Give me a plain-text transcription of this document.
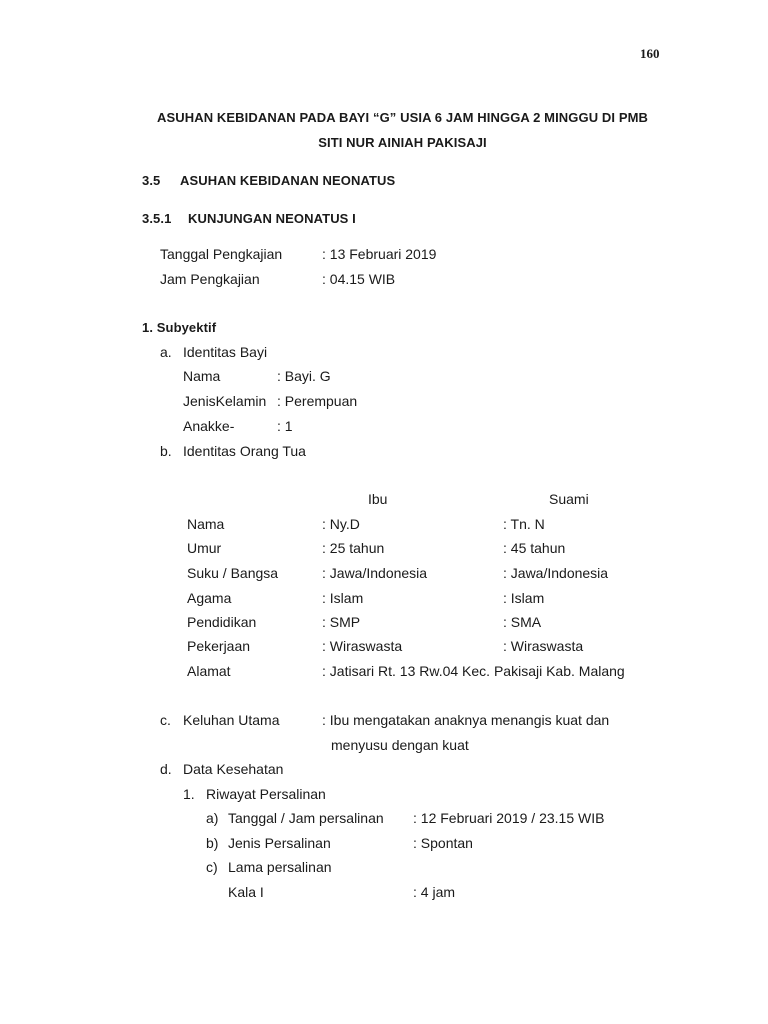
160
ASUHAN KEBIDANAN PADA BAYI “G” USIA 6 JAM HINGGA 2 MINGGU DI PMB
SITI NUR AINIAH PAKISAJI
3.5 ASUHAN KEBIDANAN NEONATUS
3.5.1 KUNJUNGAN NEONATUS I
Tanggal Pengkajian	: 13 Februari 2019
Jam Pengkajian	: 04.15 WIB
1. Subyektif
a. Identitas Bayi
Nama	: Bayi. G
JenisKelamin : Perempuan
Anakke-	: 1
b. Identitas Orang Tua
Ibu	Suami
Nama	: Ny.D	: Tn. N
Umur	: 25 tahun	: 45 tahun
Suku / Bangsa	: Jawa/Indonesia	: Jawa/Indonesia
Agama	: Islam	: Islam
Pendidikan	: SMP	: SMA
Pekerjaan	: Wiraswasta	: Wiraswasta
Alamat	: Jatisari Rt. 13 Rw.04 Kec. Pakisaji Kab. Malang
c. Keluhan Utama	: Ibu mengatakan anaknya menangis kuat dan
menyusu dengan kuat
d. Data Kesehatan
1. Riwayat Persalinan
a) Tanggal / Jam persalinan : 12 Februari 2019 / 23.15 WIB
b) Jenis Persalinan	: Spontan
c) Lama persalinan
Kala I	: 4 jam
